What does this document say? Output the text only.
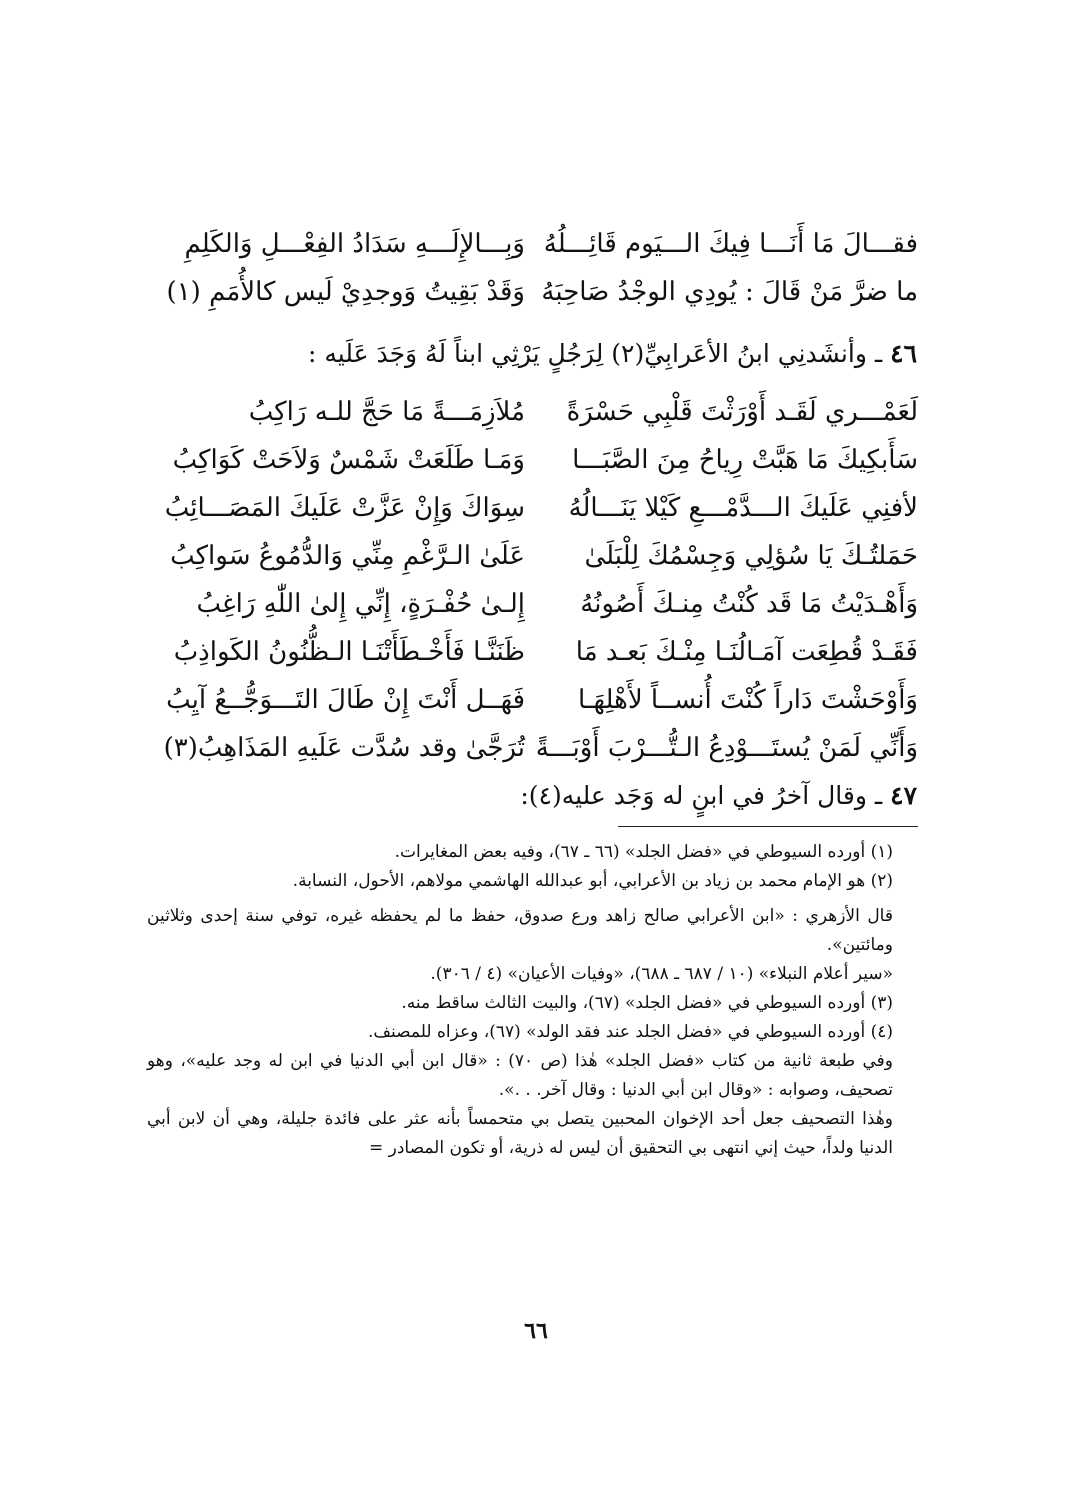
فقـــالَ مَا أَنَـــا فِيكَ الـــيَوم قَائِـــلُهُ
وَبِـــالإِلَـــهِ سَدَادُ الفِعْـــلِ وَالكَلِمِ
ما ضرَّ مَنْ قَالَ : يُودِي الوجْدُ صَاحِبَهُ
وَقَدْ بَقِيتُ وَوجدِيْ لَيس كالأُمَمِ (١)
٤٦ ـ وأنشَدنِي ابنُ الأعَرابِيِّ(٢) لِرَجُلٍ يَرْثِي ابناً لَهُ وَجَدَ عَلَيه :
لَعَمْـــري لَقَـد أَوْرَثْتَ قَلْبِي حَسْرَةً
مُلاَزِمَـــةً مَا حَجَّ للـه رَاكِبُ
سَأَبكِيكَ مَا هَبَّتْ رِياحُ مِنَ الصَّبَـــا
وَمَـا طَلَعَتْ شَمْسٌ وَلاَحَتْ كَوَاكِبُ
لأفنِي عَلَيكَ الـــدَّمْـــعِ كَيْلا يَنَـــالُهُ
سِوَاكَ وَإِنْ عَزَّتْ عَلَيكَ المَصَـــائِبُ
حَمَلتُـكَ يَا سُؤلِي وَجِسْمُكَ لِلْبَلَىٰ
عَلَىٰ الـرَّغْمِ مِنِّي وَالدُّمُوعُ سَواكِبُ
وَأَهْـدَيْتُ مَا قَد كُنْتُ مِنـكَ أَصُونُهُ
إِلـىٰ حُفْـرَةٍ، إِنِّي إِلىٰ اللّٰهِ رَاغِبُ
فَقَـدْ قُطِعَت آمَـالُنَـا مِنْـكَ بَعـد مَا
ظَنَنَّـا فَأَخْـطَأَتْنَـا الـظُّنُونُ الكَواذِبُ
وَأَوْحَشْتَ دَاراً كُنْتَ أُنســاً لأَهْلِهَـا
فَهَــل أَنْتَ إِنْ طَالَ التَـــوَجُّــعُ آيِبُ
وَأَنِّي لَمَنْ يُستَـــوْدِعُ الـتُّـــرْبَ أَوْبَـــةً
تُرَجَّىٰ وقد سُدَّت عَلَيهِ المَذَاهِبُ(٣)
٤٧ ـ وقال آخرُ في ابنٍ له وَجَد عليه(٤):

(١) أورده السيوطي في «فضل الجلد» (٦٦ ـ ٦٧)، وفيه بعض المغايرات.

(٢) هو الإمام محمد بن زياد بن الأعرابي، أبو عبدالله الهاشمي مولاهم، الأحول، النسابة.

قال الأزهري : «ابن الأعرابي صالح زاهد ورع صدوق، حفظ ما لم يحفظه غيره، توفي سنة إحدى وثلاثين ومائتين».

«سير أعلام النبلاء» (١٠ / ٦٨٧ ـ ٦٨٨)، «وفيات الأعيان» (٤ / ٣٠٦).

(٣) أورده السيوطي في «فضل الجلد» (٦٧)، والبيت الثالث ساقط منه.

(٤) أورده السيوطي في «فضل الجلد عند فقد الولد» (٦٧)، وعزاه للمصنف.

وفي طبعة ثانية من كتاب «فضل الجلد» هٰذا (ص ٧٠) : «قال ابن أبي الدنيا في ابن له وجد عليه»، وهو تصحيف، وصوابه : «وقال ابن أبي الدنيا : وقال آخر. . .».

وهٰذا التصحيف جعل أحد الإخوان المحبين يتصل بي متحمساً بأنه عثر على فائدة جليلة، وهي أن لابن أبي الدنيا ولداً، حيث إني انتهى بي التحقيق أن ليس له ذرية، أو تكون المصادر =

٦٦
